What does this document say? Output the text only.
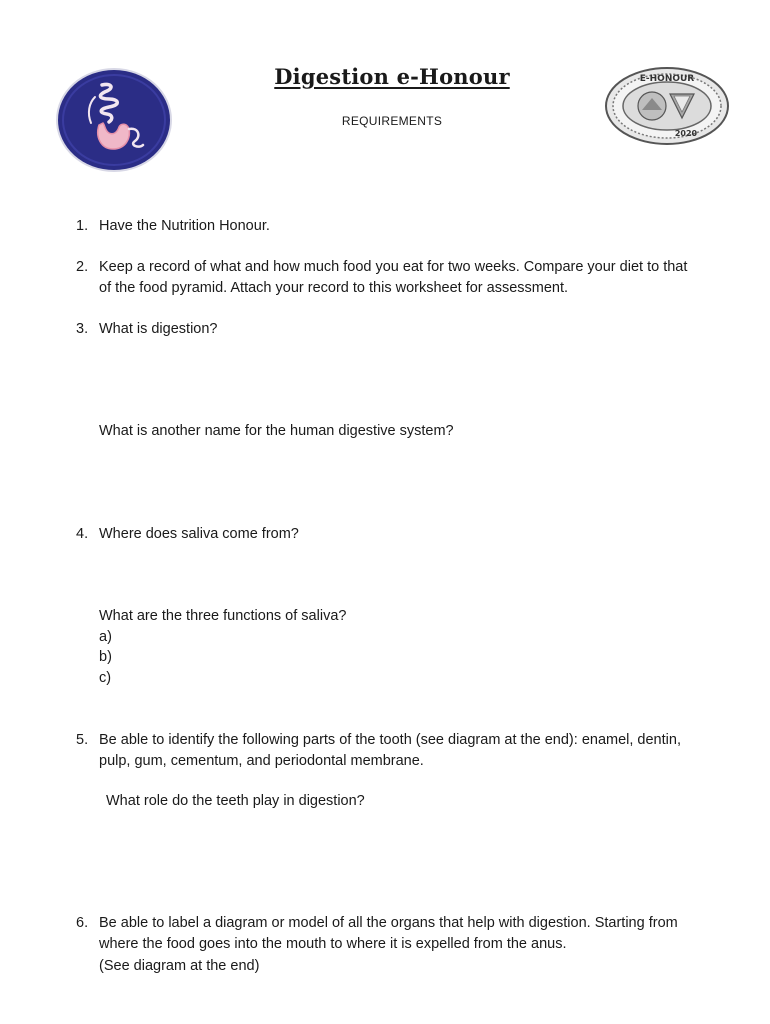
Digestion e-Honour
REQUIREMENTS
E-HONOUR
2020
1. Have the Nutrition Honour.
2. Keep a record of what and how much food you eat for two weeks. Compare your diet to that
of the food pyramid. Attach your record to this worksheet for assessment.
3. What is digestion?
What is another name for the human digestive system?
4. Where does saliva come from?
What are the three functions of saliva?
a)
b)
c)
5. Be able to identify the following parts of the tooth (see diagram at the end): enamel, dentin,
pulp, gum, cementum, and periodontal membrane.
What role do the teeth play in digestion?
6. Be able to label a diagram or model of all the organs that help with digestion. Starting from
where the food goes into the mouth to where it is expelled from the anus.
(See diagram at the end)
